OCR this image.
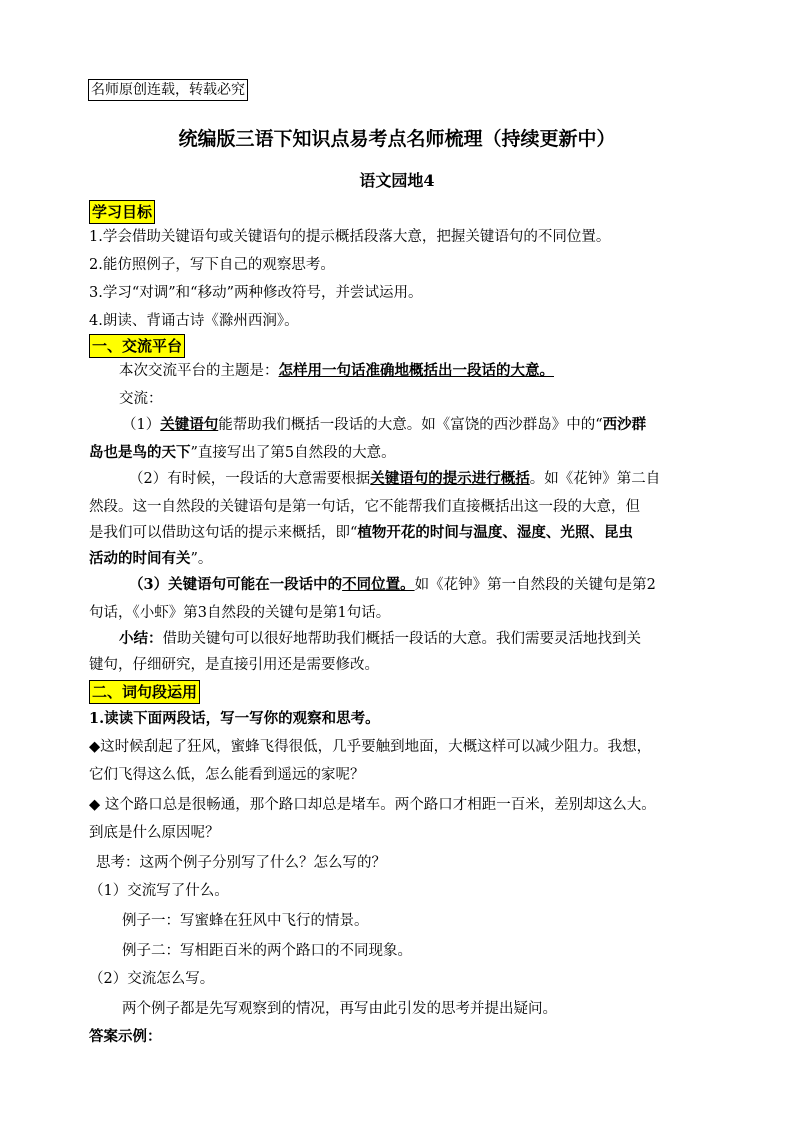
名师原创连载，转载必究
统编版三语下知识点易考点名师梳理（持续更新中）
语文园地4
学习目标
1.学会借助关键语句或关键语句的提示概括段落大意，把握关键语句的不同位置。
2.能仿照例子，写下自己的观察思考。
3.学习“对调”和“移动”两种修改符号，并尝试运用。
4.朗读、背诵古诗《滁州西涧》。
一、交流平台
本次交流平台的主题是：怎样用一句话准确地概括出一段话的大意。
交流：
（1）关键语句能帮助我们概括一段话的大意。如《富饶的西沙群岛》中的“西沙群
岛也是鸟的天下”直接写出了第5自然段的大意。
（2）有时候，一段话的大意需要根据关键语句的提示进行概括。如《花钟》第二自
然段。这一自然段的关键语句是第一句话，它不能帮我们直接概括出这一段的大意，但
是我们可以借助这句话的提示来概括，即“植物开花的时间与温度、湿度、光照、昆虫
活动的时间有关”。
（3）关键语句可能在一段话中的不同位置。如《花钟》第一自然段的关键句是第2
句话，《小虾》第3自然段的关键句是第1句话。
小结：借助关键句可以很好地帮助我们概括一段话的大意。我们需要灵活地找到关
键句，仔细研究，是直接引用还是需要修改。
二、词句段运用
1.读读下面两段话，写一写你的观察和思考。
◆这时候刮起了狂风，蜜蜂飞得很低，几乎要触到地面，大概这样可以减少阻力。我想，
它们飞得这么低，怎么能看到遥远的家呢？
◆ 这个路口总是很畅通，那个路口却总是堵车。两个路口才相距一百米，差别却这么大。
到底是什么原因呢？
思考：这两个例子分别写了什么？怎么写的？
（1）交流写了什么。
例子一：写蜜蜂在狂风中飞行的情景。
例子二：写相距百米的两个路口的不同现象。
（2）交流怎么写。
两个例子都是先写观察到的情况，再写由此引发的思考并提出疑问。
答案示例：
